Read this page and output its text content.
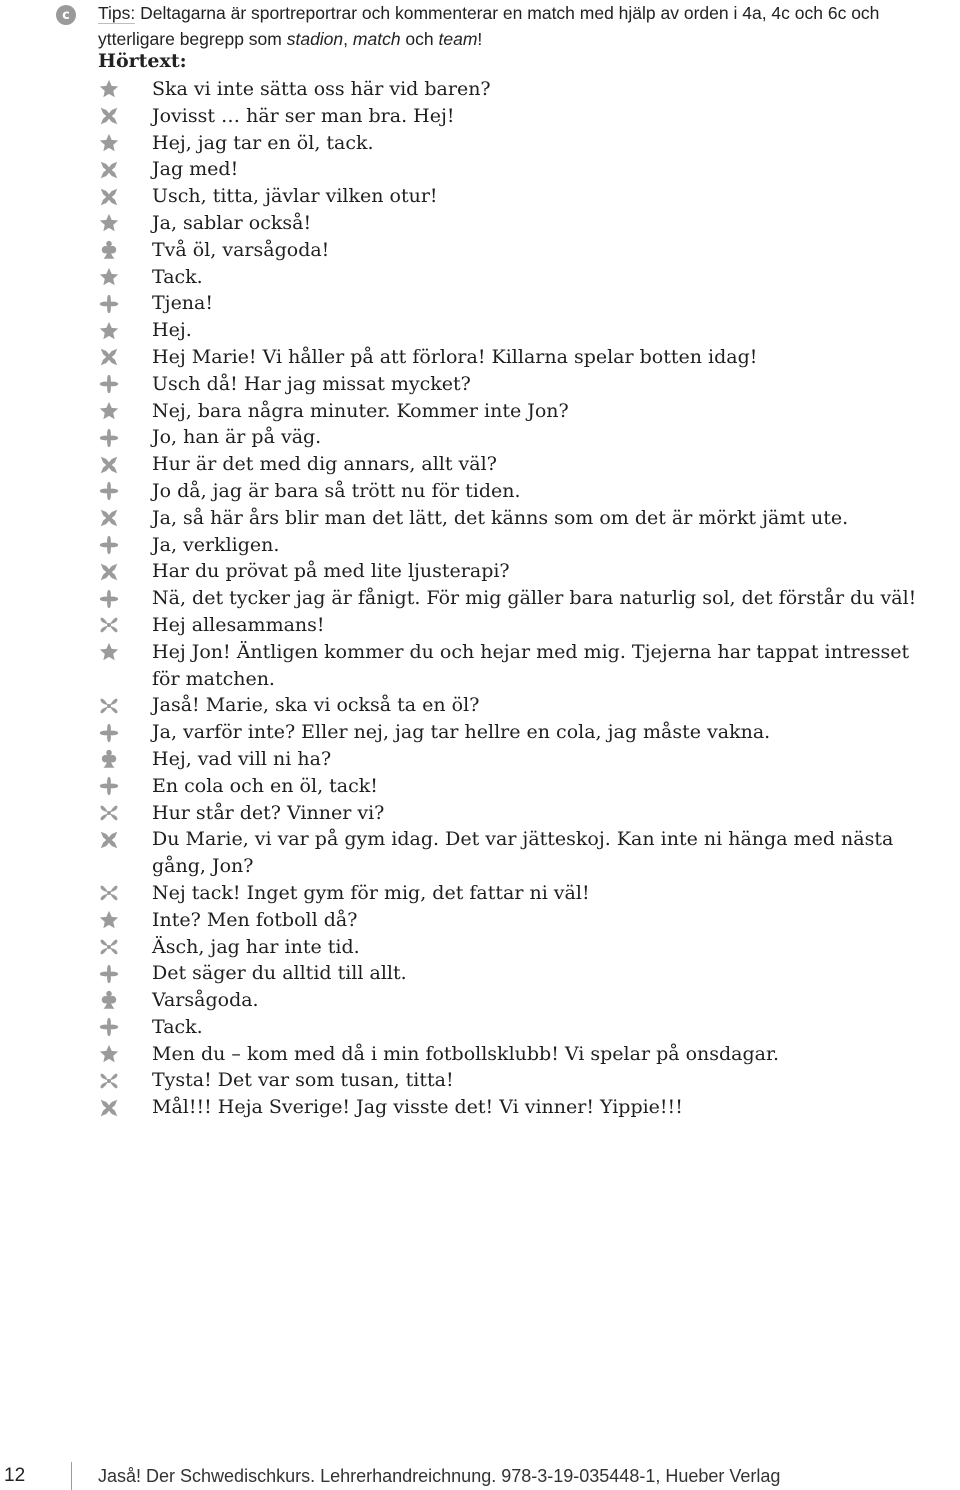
c	Tips: Deltagarna är sportreportrar och kommenterar en match med hjälp av orden i 4a, 4c och 6c och ytterligare begrepp som stadion, match och team!
Hörtext:
Ska vi inte sätta oss här vid baren?
Jovisst … här ser man bra. Hej!
Hej, jag tar en öl, tack.
Jag med!
Usch, titta, jävlar vilken otur!
Ja, sablar också!
Två öl, varsågoda!
Tack.
Tjena!
Hej.
Hej Marie! Vi håller på att förlora! Killarna spelar botten idag!
Usch då! Har jag missat mycket?
Nej, bara några minuter. Kommer inte Jon?
Jo, han är på väg.
Hur är det med dig annars, allt väl?
Jo då, jag är bara så trött nu för tiden.
Ja, så här års blir man det lätt, det känns som om det är mörkt jämt ute.
Ja, verkligen.
Har du prövat på med lite ljusterapi?
Nä, det tycker jag är fånigt. För mig gäller bara naturlig sol, det förstår du väl!
Hej allesammans!
Hej Jon! Äntligen kommer du och hejar med mig. Tjejerna har tappat intresset för matchen.
Jaså! Marie, ska vi också ta en öl?
Ja, varför inte? Eller nej, jag tar hellre en cola, jag måste vakna.
Hej, vad vill ni ha?
En cola och en öl, tack!
Hur står det? Vinner vi?
Du Marie, vi var på gym idag. Det var jätteskoj. Kan inte ni hänga med nästa gång, Jon?
Nej tack! Inget gym för mig, det fattar ni väl!
Inte? Men fotboll då?
Äsch, jag har inte tid.
Det säger du alltid till allt.
Varsågoda.
Tack.
Men du – kom med då i min fotbollsklubb! Vi spelar på onsdagar.
Tysta! Det var som tusan, titta!
Mål!!! Heja Sverige! Jag visste det! Vi vinner! Yippie!!!
12	Jaså! Der Schwedischkurs. Lehrerhandreichnung. 978-3-19-035448-1, Hueber Verlag
